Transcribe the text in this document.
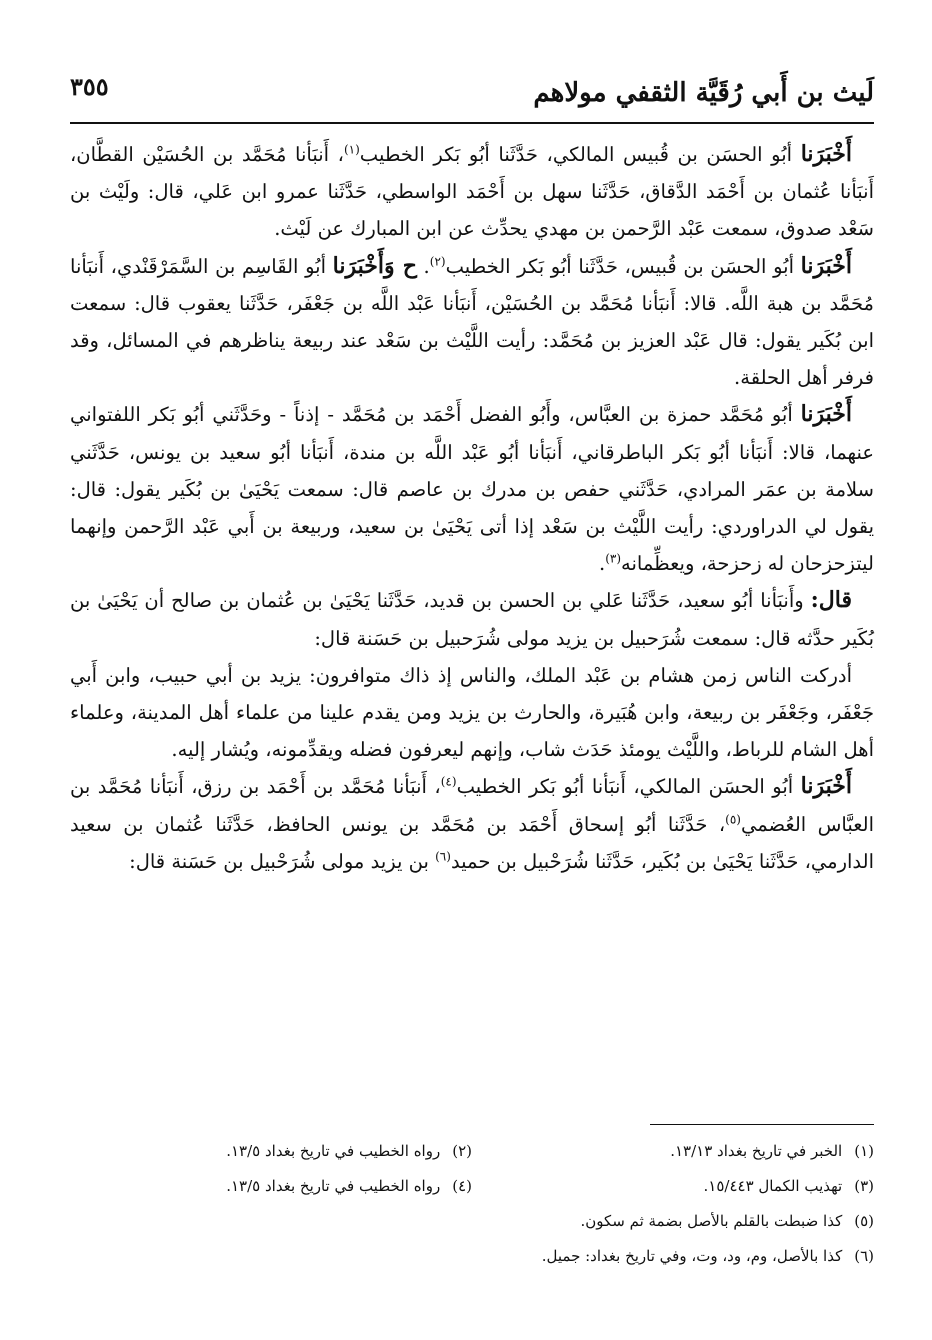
لَيث بن أَبي رُقَيَّة الثقفي مولاهم
٣٥٥

أَخْبَرَنا أبُو الحسَن بن قُبيس المالكي، حَدَّثَنا أبُو بَكر الخطيب$^{(١)}$، أَنبَأنا مُحَمَّد بن الحُسَيْن القطَّان، أَنبَأنا عُثمان بن أَحْمَد الدَّقاق، حَدَّثَنا سهل بن أَحْمَد الواسطي، حَدَّثَنا عمرو ابن عَلي، قال: ولَيْث بن سَعْد صدوق، سمعت عَبْد الرَّحمن بن مهدي يحدِّث عن ابن المبارك عن لَيْث.

أَخْبَرَنا أبُو الحسَن بن قُبيس، حَدَّثَنا أبُو بَكر الخطيب$^{(٢)}$. ح وَأَخْبَرَنا أبُو القَاسِم بن السَّمَرْقَنْدي، أَنبَأنا مُحَمَّد بن هبة اللَّه. قالا: أَنبَأنا مُحَمَّد بن الحُسَيْن، أَنبَأنا عَبْد اللَّه بن جَعْفَر، حَدَّثَنا يعقوب قال: سمعت ابن بُكَير يقول: قال عَبْد العزيز بن مُحَمَّد: رأيت اللَّيْث بن سَعْد عند ربيعة يناظرهم في المسائل، وقد فرفر أهل الحلقة.

أَخْبَرَنا أبُو مُحَمَّد حمزة بن العبَّاس، وأَبُو الفضل أَحْمَد بن مُحَمَّد - إذناً - وحَدَّثَني أبُو بَكر اللفتواني عنهما، قالا: أَنبَأنا أبُو بَكر الباطرقاني، أَنبَأنا أبُو عَبْد اللَّه بن مندة، أَنبَأنا أبُو سعيد بن يونس، حَدَّثَني سلامة بن عمَر المرادي، حَدَّثَني حفص بن مدرك بن عاصم قال: سمعت يَحْيَىٰ بن بُكَير يقول: قال: يقول لي الدراوردي: رأيت اللَّيْث بن سَعْد إذا أتى يَحْيَىٰ بن سعيد، وربيعة بن أَبي عَبْد الرَّحمن وإنهما ليتزحزحان له زحزحة، ويعظِّمانه$^{(٣)}$.

قال: وأَنبَأنا أبُو سعيد، حَدَّثَنا عَلي بن الحسن بن قديد، حَدَّثَنا يَحْيَىٰ بن عُثمان بن صالح أن يَحْيَىٰ بن بُكَير حدَّثه قال: سمعت شُرَحبيل بن يزيد مولى شُرَحبيل بن حَسَنة قال:

أدركت الناس زمن هشام بن عَبْد الملك، والناس إذ ذاك متوافرون: يزيد بن أبي حبيب، وابن أَبي جَعْفَر، وجَعْفَر بن ربيعة، وابن هُبَيرة، والحارث بن يزيد ومن يقدم علينا من علماء أهل المدينة، وعلماء أهل الشام للرباط، واللَّيْث يومئذ حَدَث شاب، وإنهم ليعرفون فضله ويقدِّمونه، ويُشار إليه.

أَخْبَرَنا أبُو الحسَن المالكي، أَنبَأنا أبُو بَكر الخطيب$^{(٤)}$، أَنبَأنا مُحَمَّد بن أَحْمَد بن رزق، أَنبَأنا مُحَمَّد بن العبَّاس العُضمي$^{(٥)}$، حَدَّثَنا أبُو إسحاق أَحْمَد بن مُحَمَّد بن يونس الحافظ، حَدَّثَنا عُثمان بن سعيد الدارمي، حَدَّثَنا يَحْيَىٰ بن بُكَير، حَدَّثَنا شُرَحْبيل بن حميد$^{(٦)}$ بن يزيد مولى شُرَحْبيل بن حَسَنة قال:

(١)الخبر في تاريخ بغداد ١٣/١٣.
(٢)رواه الخطيب في تاريخ بغداد ١٣/٥.
(٣)تهذيب الكمال ١٥/٤٤٣.
(٤)رواه الخطيب في تاريخ بغداد ١٣/٥.
(٥)كذا ضبطت بالقلم بالأصل بضمة ثم سكون.
(٦)كذا بالأصل، وم، ود، وت، وفي تاريخ بغداد: جميل.
